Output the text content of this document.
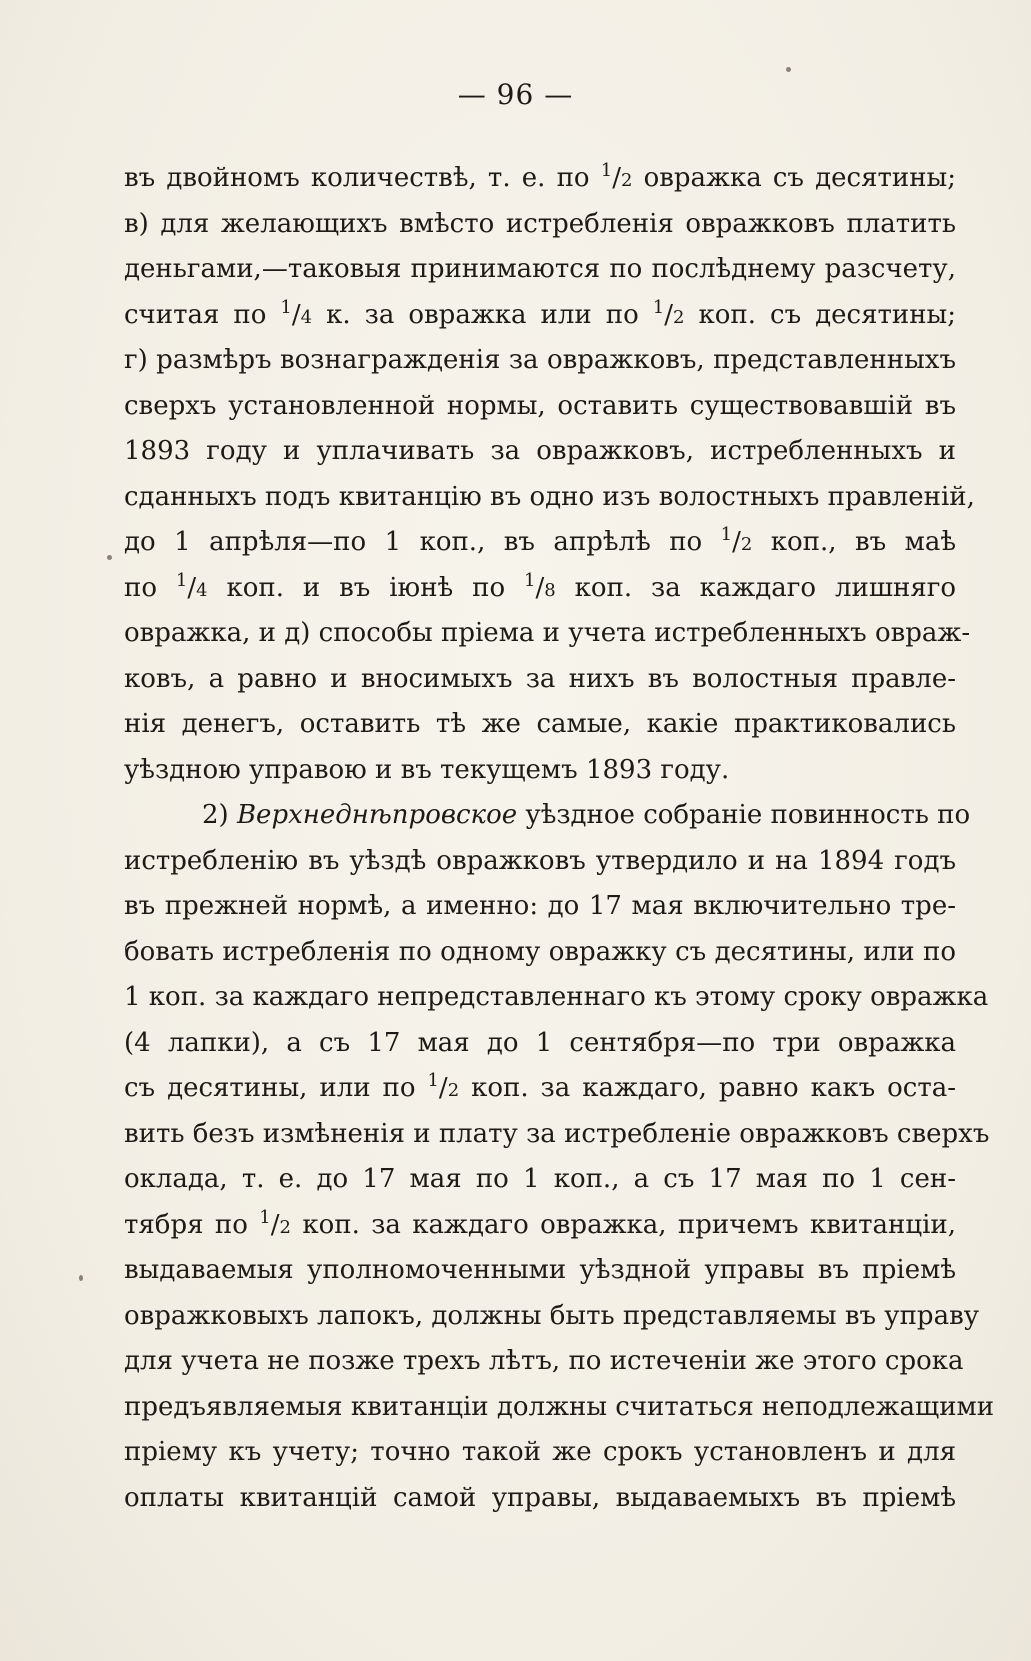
— 96 —
въ двойномъ количествѣ, т. е. по $^1$/2 овражка съ десятины;
в) для желающихъ вмѣсто истребленія овражковъ платить
деньгами,—таковыя принимаются по послѣднему разсчету,
считая по $^1$/4 к. за овражка или по $^1$/2 коп. съ десятины;
г) размѣръ вознагражденія за овражковъ, представленныхъ
сверхъ установленной нормы, оставить существовавшій въ
1893 году и уплачивать за овражковъ, истребленныхъ и
сданныхъ подъ квитанцію въ одно изъ волостныхъ правленій,
до 1 апрѣля—по 1 коп., въ апрѣлѣ по $^1$/2 коп., въ маѣ
по $^1$/4 коп. и въ іюнѣ по $^1$/8 коп. за каждаго лишняго
овражка, и д) способы пріема и учета истребленныхъ овраж-
ковъ, а равно и вносимыхъ за нихъ въ волостныя правле-
нія денегъ, оставить тѣ же самые, какіе практиковались
уѣздною управою и въ текущемъ 1893 году.
2) Верхнеднѣпровское уѣздное собраніе повинность по
истребленію въ уѣздѣ овражковъ утвердило и на 1894 годъ
въ прежней нормѣ, а именно: до 17 мая включительно тре-
бовать истребленія по одному овражку съ десятины, или по
1 коп. за каждаго непредставленнаго къ этому сроку овражка
(4 лапки), а съ 17 мая до 1 сентября—по три овражка
съ десятины, или по $^1$/2 коп. за каждаго, равно какъ оста-
вить безъ измѣненія и плату за истребленіе овражковъ сверхъ
оклада, т. е. до 17 мая по 1 коп., а съ 17 мая по 1 сен-
тября по $^1$/2 коп. за каждаго овражка, причемъ квитанціи,
выдаваемыя уполномоченными уѣздной управы въ пріемѣ
овражковыхъ лапокъ, должны быть представляемы въ управу
для учета не позже трехъ лѣтъ, по истеченіи же этого срока
предъявляемыя квитанціи должны считаться неподлежащими
пріему къ учету; точно такой же срокъ установленъ и для
оплаты квитанцій самой управы, выдаваемыхъ въ пріемѣ
